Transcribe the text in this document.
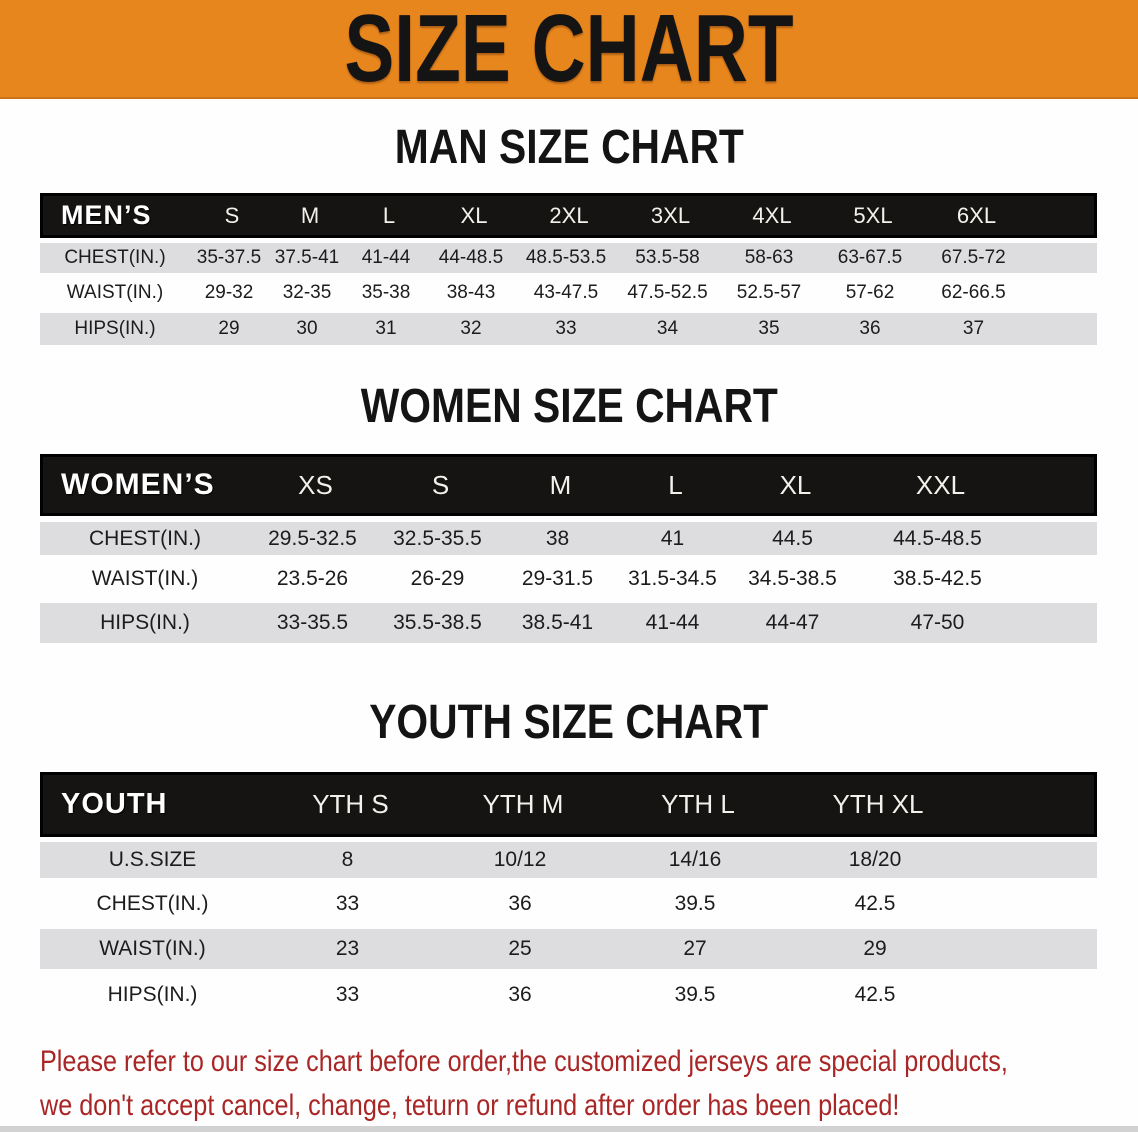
SIZE CHART
MAN SIZE CHART
MEN’S	S	M	L	XL	2XL	3XL	4XL	5XL	6XL
CHEST(IN.)	35-37.5 37.5-41	41-44	44-48.5	48.5-53.5	53.5-58	58-63	63-67.5	67.5-72
WAIST(IN.)	29-32	32-35	35-38	38-43	43-47.5	47.5-52.5	52.5-57	57-62	62-66.5
HIPS(IN.)	29	30	31	32	33	34	35	36	37
WOMEN SIZE CHART
WOMEN’S	XS	S	M	L	XL	XXL
CHEST(IN.)	29.5-32.5	32.5-35.5	38	41	44.5	44.5-48.5
WAIST(IN.)	23.5-26	26-29	29-31.5	31.5-34.5	34.5-38.5	38.5-42.5
HIPS(IN.)	33-35.5	35.5-38.5	38.5-41	41-44	44-47	47-50
YOUTH SIZE CHART
YOUTH	YTH S	YTH M	YTH L	YTH XL
U.S.SIZE	8	10/12	14/16	18/20
CHEST(IN.)	33	36	39.5	42.5
WAIST(IN.)	23	25	27	29
HIPS(IN.)	33	36	39.5	42.5
Please refer to our size chart before order,the customized jerseys are special products,
we don't accept cancel, change, teturn or refund after order has been placed!
